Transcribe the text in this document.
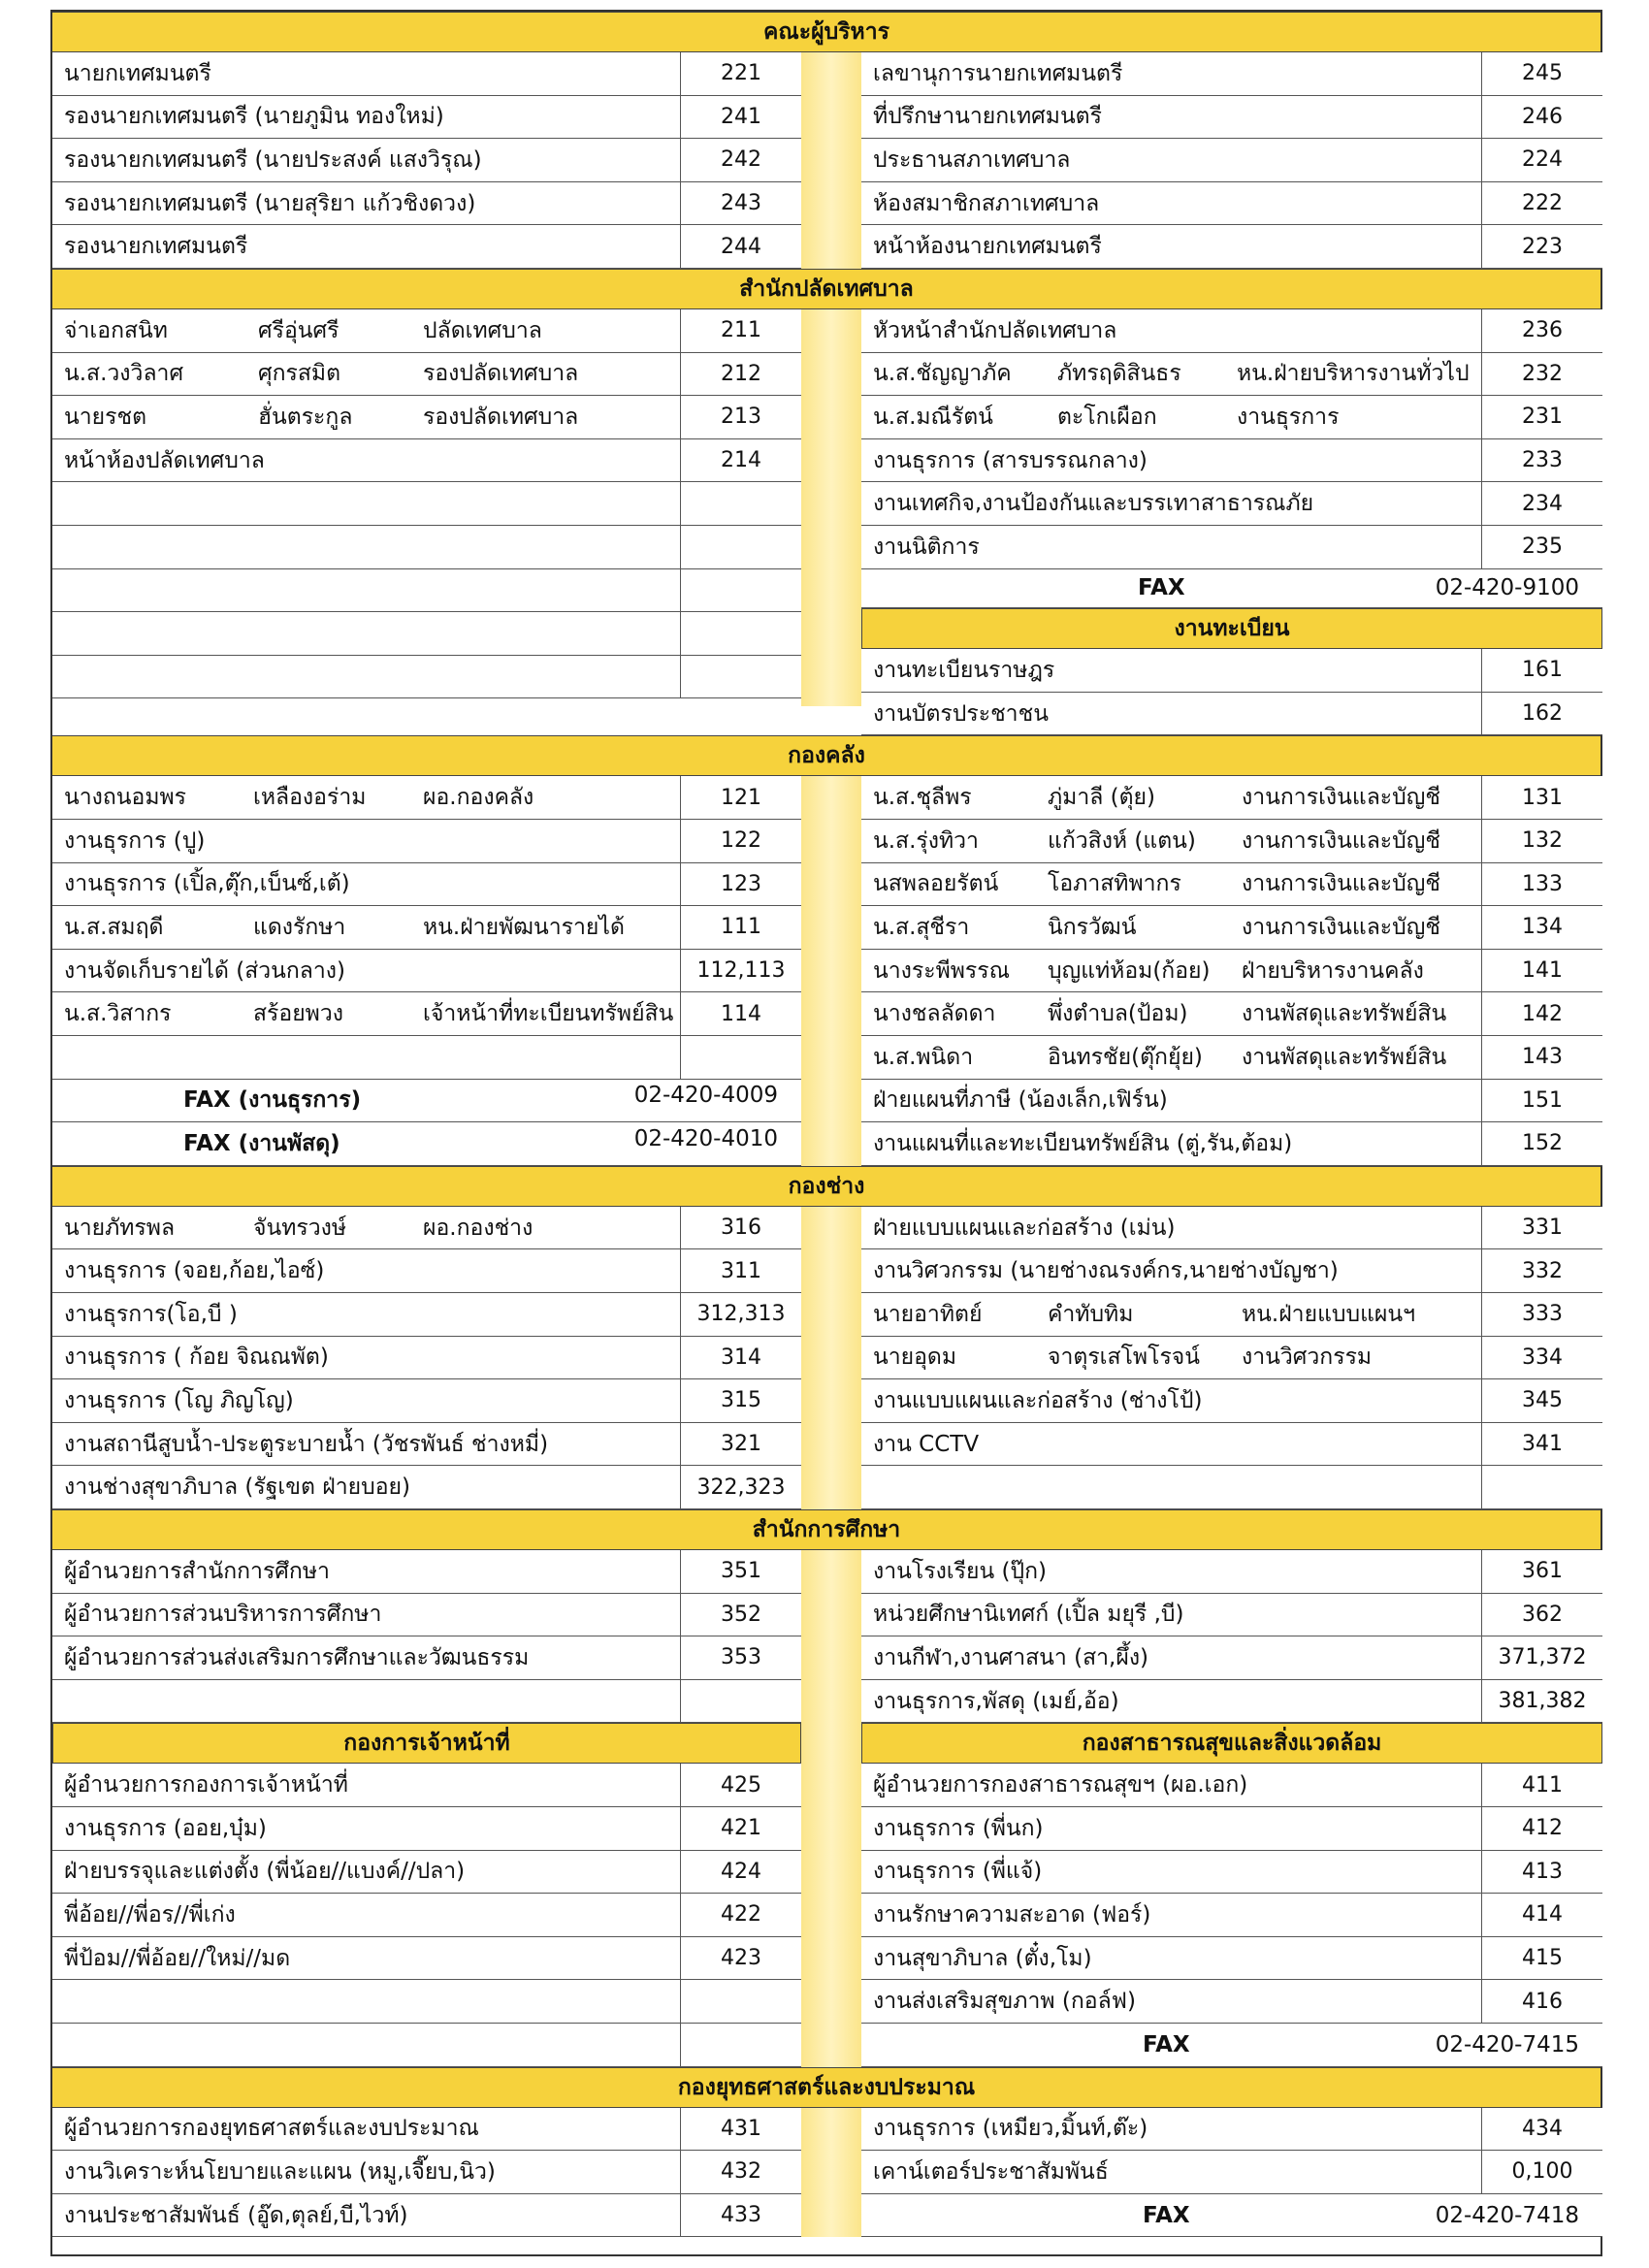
คณะผู้บริหาร
นายกเทศมนตรี	221	เลขานุการนายกเทศมนตรี	245
รองนายกเทศมนตรี (นายภูมิน ทองใหม่)	241	ที่ปรึกษานายกเทศมนตรี	246
รองนายกเทศมนตรี (นายประสงค์ แสงวิรุณ)	242	ประธานสภาเทศบาล	224
รองนายกเทศมนตรี (นายสุริยา แก้วชิงดวง)	243	ห้องสมาชิกสภาเทศบาล	222
รองนายกเทศมนตรี	244	หน้าห้องนายกเทศมนตรี	223
สำนักปลัดเทศบาล
จ่าเอกสนิท	ศรีอุ่นศรี	ปลัดเทศบาล	211
น.ส.วงวิลาศ	ศุกรสมิต	รองปลัดเทศบาล	212
นายรชต	ฮั่นตระกูล	รองปลัดเทศบาล	213
หน้าห้องปลัดเทศบาล	214
หัวหน้าสำนักปลัดเทศบาล	236
น.ส.ชัญญาภัค	ภัทรฤดิสินธร	หน.ฝ่ายบริหารงานทั่วไป	232
น.ส.มณีรัตน์	ตะโกเผือก	งานธุรการ	231
งานธุรการ (สารบรรณกลาง)	233
งานเทศกิจ,งานป้องกันและบรรเทาสาธารณภัย	234
งานนิติการ	235
FAX	02-420-9100
งานทะเบียน
งานทะเบียนราษฎร	161
งานบัตรประชาชน	162
กองคลัง
นางถนอมพร	เหลืองอร่าม	ผอ.กองคลัง	121
งานธุรการ (ปู)	122
งานธุรการ (เปิ้ล,ตุ๊ก,เบ็นซ์,เต้)	123
น.ส.สมฤดี	แดงรักษา	หน.ฝ่ายพัฒนารายได้	111
งานจัดเก็บรายได้ (ส่วนกลาง)	112,113
น.ส.วิสากร	สร้อยพวง	เจ้าหน้าที่ทะเบียนทรัพย์สิน	114
FAX (งานธุรการ)	02-420-4009
FAX (งานพัสดุ)	02-420-4010
น.ส.ชุลีพร	ภู่มาลี (ตุ้ย)	งานการเงินและบัญชี	131
น.ส.รุ่งทิวา	แก้วสิงห์ (แตน)	งานการเงินและบัญชี	132
นสพลอยรัตน์	โอภาสทิพากร	งานการเงินและบัญชี	133
น.ส.สุชีรา	นิกรวัฒน์	งานการเงินและบัญชี	134
นางระพีพรรณ	บุญแท่ห้อม(ก้อย)	ฝ่ายบริหารงานคลัง	141
นางชลลัดดา	พึ่งตำบล(ป้อม)	งานพัสดุและทรัพย์สิน	142
น.ส.พนิดา	อินทรชัย(ตุ๊กยุ้ย)	งานพัสดุและทรัพย์สิน	143
ฝ่ายแผนที่ภาษี (น้องเล็ก,เฟิร์น)	151
งานแผนที่และทะเบียนทรัพย์สิน (ตู่,รัน,ต้อม)	152
กองช่าง
นายภัทรพล	จันทรวงษ์	ผอ.กองช่าง	316
งานธุรการ (จอย,ก้อย,ไอซ์)	311
งานธุรการ(โอ,บี )	312,313
งานธุรการ ( ก้อย จิณณพัต)	314
งานธุรการ (โญ ภิญโญ)	315
งานสถานีสูบน้ำ-ประตูระบายน้ำ (วัชรพันธ์ ช่างหมี่)	321
งานช่างสุขาภิบาล (รัฐเขต ฝ่ายบอย)	322,323
ฝ่ายแบบแผนและก่อสร้าง (เม่น)	331
งานวิศวกรรม (นายช่างณรงค์กร,นายช่างบัญชา)	332
นายอาทิตย์	คำทับทิม	หน.ฝ่ายแบบแผนฯ	333
นายอุดม	จาตุรเสโพโรจน์	งานวิศวกรรม	334
งานแบบแผนและก่อสร้าง (ช่างโป้)	345
งาน CCTV	341
สำนักการศึกษา
ผู้อำนวยการสำนักการศึกษา	351
ผู้อำนวยการส่วนบริหารการศึกษา	352
ผู้อำนวยการส่วนส่งเสริมการศึกษาและวัฒนธรรม	353
งานโรงเรียน (ปุ๊ก)	361
หน่วยศึกษานิเทศก์ (เปิ้ล มยุรี ,บี)	362
งานกีฬา,งานศาสนา (สา,ผึ้ง)	371,372
งานธุรการ,พัสดุ (เมย์,อ้อ)	381,382
กองการเจ้าหน้าที่	กองสาธารณสุขและสิ่งแวดล้อม
ผู้อำนวยการกองการเจ้าหน้าที่	425
งานธุรการ (ออย,บุ๋ม)	421
ฝ่ายบรรจุและแต่งตั้ง (พี่น้อย//แบงค์//ปลา)	424
พี่อ้อย//พี่อร//พี่เก่ง	422
พี่ป้อม//พี่อ้อย//ใหม่//มด	423
ผู้อำนวยการกองสาธารณสุขฯ (ผอ.เอก)	411
งานธุรการ (พี่นก)	412
งานธุรการ (พี่แจ้)	413
งานรักษาความสะอาด (ฟอร์)	414
งานสุขาภิบาล (ตั๋ง,โม)	415
งานส่งเสริมสุขภาพ (กอล์ฟ)	416
FAX	02-420-7415
กองยุทธศาสตร์และงบประมาณ
ผู้อำนวยการกองยุทธศาสตร์และงบประมาณ	431
งานวิเคราะห์นโยบายและแผน (หมู,เจี๊ยบ,นิว)	432
งานประชาสัมพันธ์ (อู๊ด,ตุลย์,บี,ไวท์)	433
งานธุรการ (เหมียว,มิ้นท์,ต๊ะ)	434
เคาน์เตอร์ประชาสัมพันธ์	0,100
FAX	02-420-7418
